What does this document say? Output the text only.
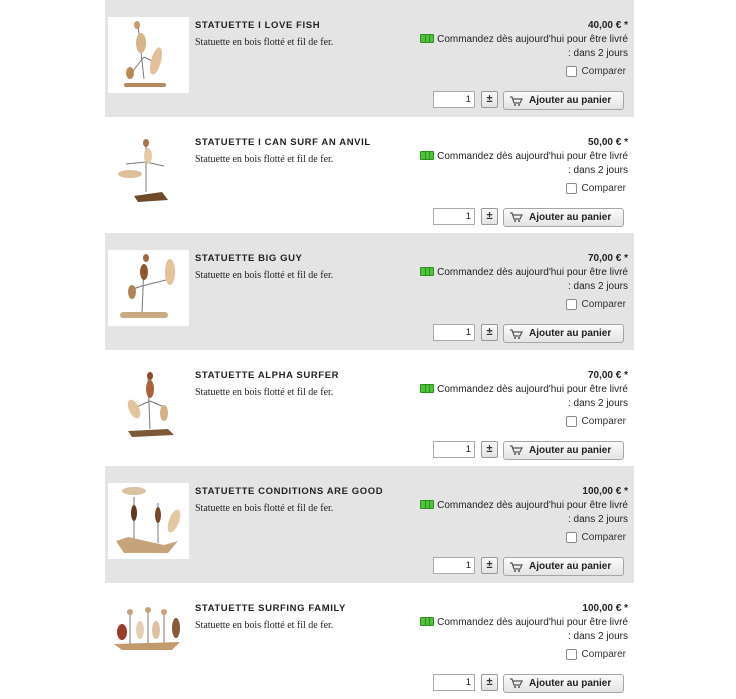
STATUETTE I LOVE FISH
Statuette en bois flotté et fil de fer.
40,00 € *
Commandez dès aujourd'hui pour être livré
: dans 2 jours
Comparer
1	±	Ajouter au panier
STATUETTE I CAN SURF AN ANVIL
Statuette en bois flotté et fil de fer.
50,00 € *
Commandez dès aujourd'hui pour être livré
: dans 2 jours
Comparer
1	±	Ajouter au panier
STATUETTE BIG GUY
Statuette en bois flotté et fil de fer.
70,00 € *
Commandez dès aujourd'hui pour être livré
: dans 2 jours
Comparer
1	±	Ajouter au panier
STATUETTE ALPHA SURFER
Statuette en bois flotté et fil de fer.
70,00 € *
Commandez dès aujourd'hui pour être livré
: dans 2 jours
Comparer
1	±	Ajouter au panier
STATUETTE CONDITIONS ARE GOOD
Statuette en bois flotté et fil de fer.
100,00 € *
Commandez dès aujourd'hui pour être livré
: dans 2 jours
Comparer
1	±	Ajouter au panier
STATUETTE SURFING FAMILY
Statuette en bois flotté et fil de fer.
100,00 € *
Commandez dès aujourd'hui pour être livré
: dans 2 jours
Comparer
1	±	Ajouter au panier
